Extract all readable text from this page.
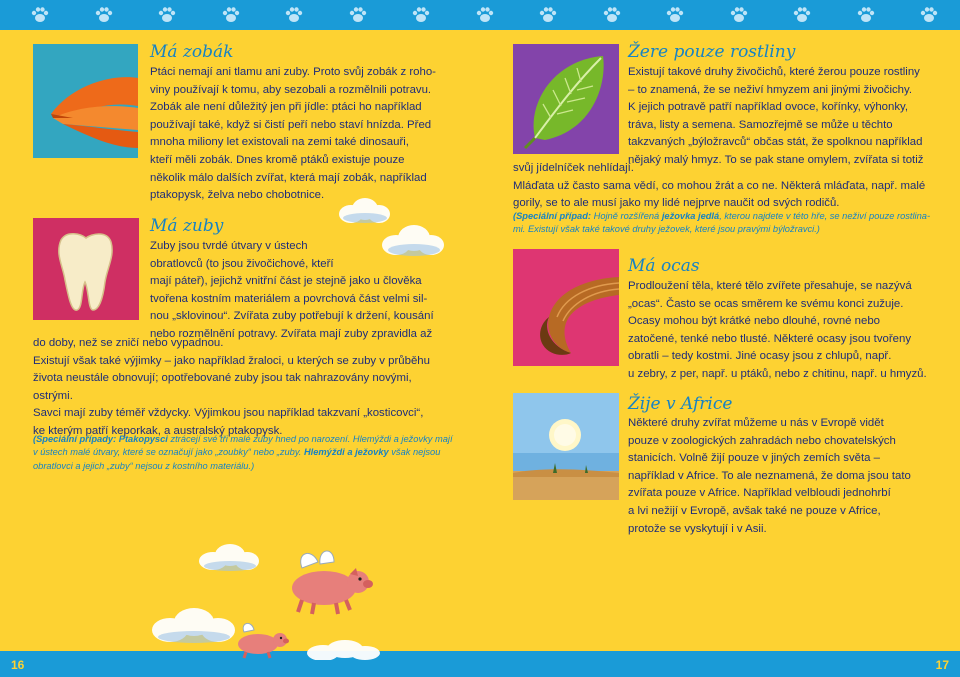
16	17
Má zobák
Ptáci nemají ani tlamu ani zuby. Proto svůj zobák z roho-
viny používají k tomu, aby sezobali a rozmělnili potravu.
Zobák ale není důležitý jen při jídle: ptáci ho například
používají také, když si čistí peří nebo staví hnízda. Před
mnoha miliony let existovali na zemi také dinosauři,
kteří měli zobák. Dnes kromě ptáků existuje pouze
několik málo dalších zvířat, která mají zobák, například
ptakopysk, želva nebo chobotnice.
Má zuby
Zuby jsou tvrdé útvary v ústech
obratlovců (to jsou živočichové, kteří
mají páteř), jejichž vnitřní část je stejně jako u člověka
tvořena kostním materiálem a povrchová část velmi sil-
nou „sklovinou“. Zvířata zuby potřebují k držení, kousání
nebo rozmělnění potravy. Zvířata mají zuby zpravidla až
do doby, než se zničí nebo vypadnou.
Existují však také výjimky – jako například žraloci, u kterých se zuby v průběhu
života neustále obnovují; opotřebované zuby jsou tak nahrazovány novými,
ostrými.
Savci mají zuby téměř vždycky. Výjimkou jsou například takzvaní „kosticovci“,
ke kterým patří keporkak, a australský ptakopysk.
(Speciální případy: Ptakopysci ztrácejí své tři malé zuby hned po narození. Hlemýždi a ježovky mají
v ústech malé útvary, které se označují jako „zoubky“ nebo „zuby. Hlemýždi a ježovky však nejsou
obratlovci a jejich „zuby“ nejsou z kostního materiálu.)
Žere pouze rostliny
Existují takové druhy živočichů, které žerou pouze rostliny
– to znamená, že se neživí hmyzem ani jinými živočichy.
K jejich potravě patří například ovoce, kořínky, výhonky,
tráva, listy a semena. Samozřejmě se může u těchto
takzvaných „býložravců“ občas stát, že spolknou například
nějaký malý hmyz. To se pak stane omylem, zvířata si totiž
svůj jídelníček nehlídají.
Mláďata už často sama vědí, co mohou žrát a co ne. Některá mláďata, např. malé
gorily, se to ale musí jako my lidé nejprve naučit od svých rodičů.
(Speciální případ: Hojně rozšířená ježovka jedlá, kterou najdete v této hře, se neživí pouze rostlina-
mi. Existují však také takové druhy ježovek, které jsou pravými býložravci.)
Má ocas
Prodloužení těla, které tělo zvířete přesahuje, se nazývá
„ocas“. Často se ocas směrem ke svému konci zužuje.
Ocasy mohou být krátké nebo dlouhé, rovné nebo
zatočené, tenké nebo tlusté. Některé ocasy jsou tvořeny
obratli – tedy kostmi. Jiné ocasy jsou z chlupů, např.
u zebry, z per, např. u ptáků, nebo z chitinu, např. u hmyzů.
Žije v Africe
Některé druhy zvířat můžeme u nás v Evropě vidět
pouze v zoologických zahradách nebo chovatelských
stanicích. Volně žijí pouze v jiných zemích světa –
například v Africe. To ale neznamená, že doma jsou tato
zvířata pouze v Africe. Například velbloudi jednohrbí
a lvi nežijí v Evropě, avšak také ne pouze v Africe,
protože se vyskytují i v Asii.
